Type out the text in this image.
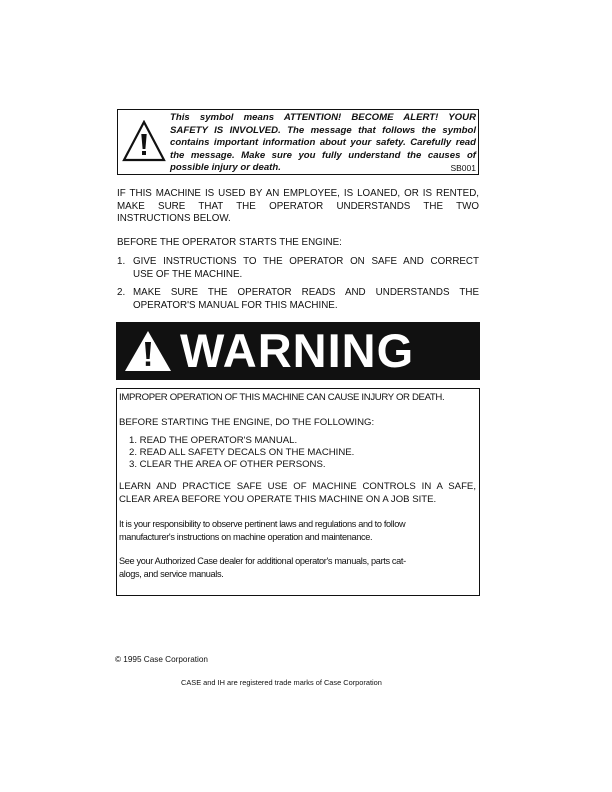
This symbol means ATTENTION! BECOME ALERT! YOUR
SAFETY IS INVOLVED. The message that follows the symbol
contains important information about your safety. Carefully read
the message. Make sure you fully understand the causes of
possible injury or death.	SB001
IF THIS MACHINE IS USED BY AN EMPLOYEE, IS LOANED, OR IS RENTED,
MAKE SURE THAT THE OPERATOR UNDERSTANDS THE TWO
INSTRUCTIONS BELOW.
BEFORE THE OPERATOR STARTS THE ENGINE:
1. GIVE INSTRUCTIONS TO THE OPERATOR ON SAFE AND CORRECT
USE OF THE MACHINE.
2. MAKE SURE THE OPERATOR READS AND UNDERSTANDS THE
OPERATOR'S MANUAL FOR THIS MACHINE.
WARNING
IMPROPER OPERATION OF THIS MACHINE CAN CAUSE INJURY OR DEATH.
BEFORE STARTING THE ENGINE, DO THE FOLLOWING:
1. READ THE OPERATOR'S MANUAL.
2. READ ALL SAFETY DECALS ON THE MACHINE.
3. CLEAR THE AREA OF OTHER PERSONS.
LEARN AND PRACTICE SAFE USE OF MACHINE CONTROLS IN A SAFE,
CLEAR AREA BEFORE YOU OPERATE THIS MACHINE ON A JOB SITE.
It is your responsibility to observe pertinent laws and regulations and to follow
manufacturer's instructions on machine operation and maintenance.
See your Authorized Case dealer for additional operator's manuals, parts cat-
alogs, and service manuals.
© 1995 Case Corporation
CASE and IH are registered trade marks of Case Corporation
